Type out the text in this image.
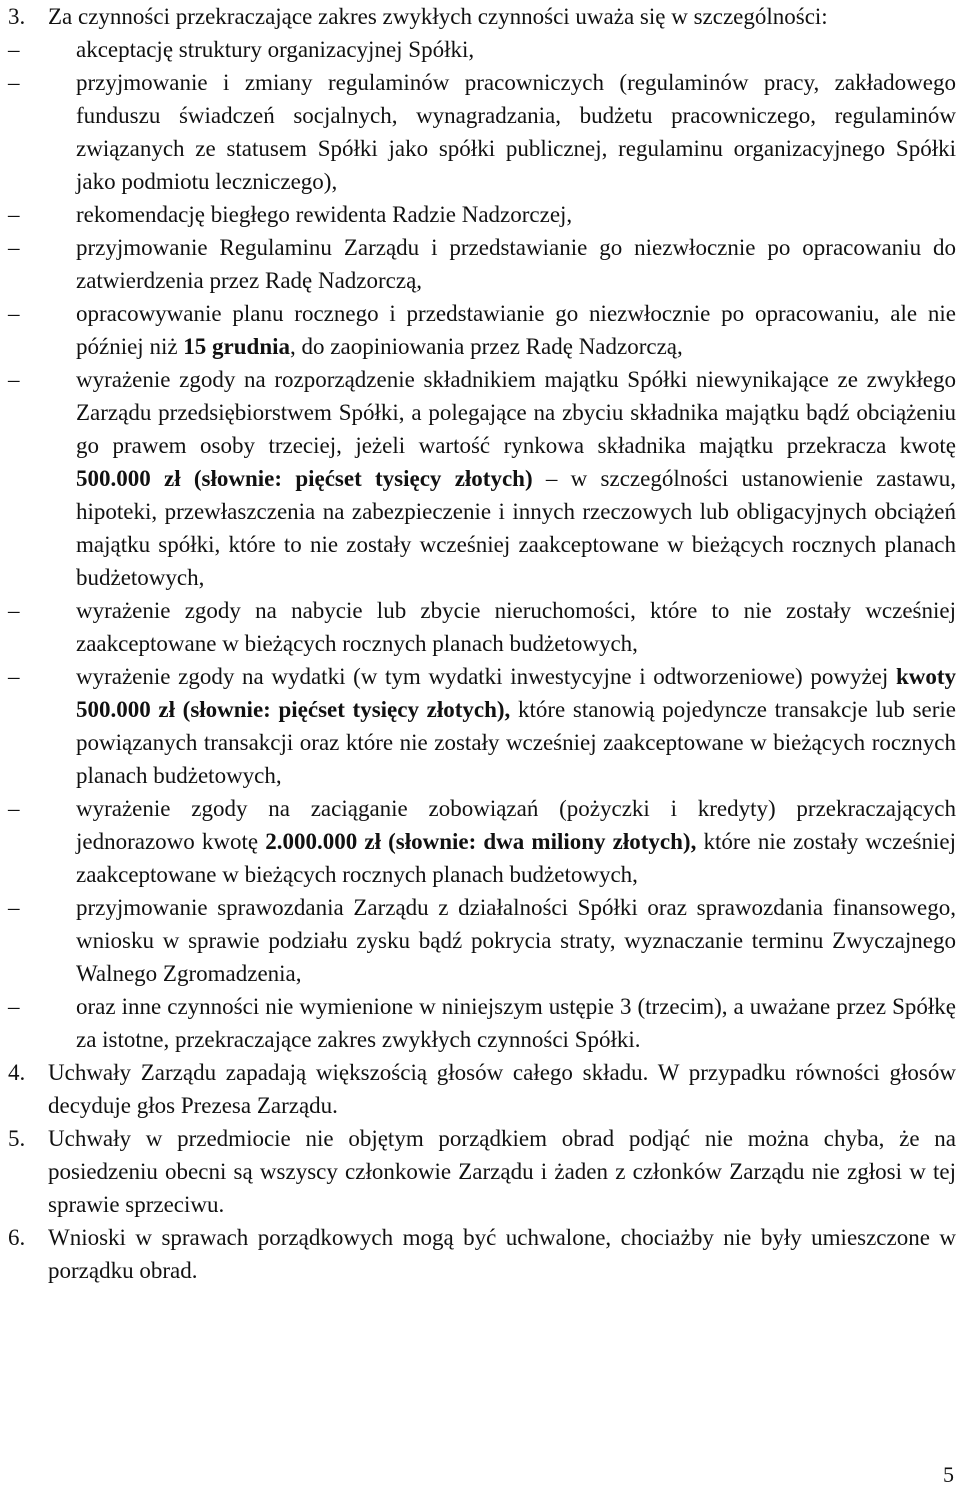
3. Za czynności przekraczające zakres zwykłych czynności uważa się w szczególności:
–	akceptację struktury organizacyjnej Spółki,
–	przyjmowanie i zmiany regulaminów pracowniczych (regulaminów pracy, zakładowego funduszu świadczeń socjalnych, wynagradzania, budżetu pracowniczego, regulaminów związanych ze statusem Spółki jako spółki publicznej, regulaminu organizacyjnego Spółki jako podmiotu leczniczego),
–	rekomendację biegłego rewidenta Radzie Nadzorczej,
–	przyjmowanie Regulaminu Zarządu i przedstawianie go niezwłocznie po opracowaniu do zatwierdzenia przez Radę Nadzorczą,
–	opracowywanie planu rocznego i przedstawianie go niezwłocznie po opracowaniu, ale nie później niż 15 grudnia, do zaopiniowania przez Radę Nadzorczą,
–	wyrażenie zgody na rozporządzenie składnikiem majątku Spółki niewynikające ze zwykłego Zarządu przedsiębiorstwem Spółki, a polegające na zbyciu składnika majątku bądź obciążeniu go prawem osoby trzeciej, jeżeli wartość rynkowa składnika majątku przekracza kwotę 500.000 zł (słownie: pięćset tysięcy złotych) – w szczególności ustanowienie zastawu, hipoteki, przewłaszczenia na zabezpieczenie i innych rzeczowych lub obligacyjnych obciążeń majątku spółki, które to nie zostały wcześniej zaakceptowane w bieżących rocznych planach budżetowych,
–	wyrażenie zgody na nabycie lub zbycie nieruchomości, które to nie zostały wcześniej zaakceptowane w bieżących rocznych planach budżetowych,
–	wyrażenie zgody na wydatki (w tym wydatki inwestycyjne i odtworzeniowe) powyżej kwoty 500.000 zł (słownie: pięćset tysięcy złotych), które stanowią pojedyncze transakcje lub serie powiązanych transakcji oraz które nie zostały wcześniej zaakceptowane w bieżących rocznych planach budżetowych,
–	wyrażenie zgody na zaciąganie zobowiązań (pożyczki i kredyty) przekraczających jednorazowo kwotę 2.000.000 zł (słownie: dwa miliony złotych), które nie zostały wcześniej zaakceptowane w bieżących rocznych planach budżetowych,
–	przyjmowanie sprawozdania Zarządu z działalności Spółki oraz sprawozdania finansowego, wniosku w sprawie podziału zysku bądź pokrycia straty, wyznaczanie terminu Zwyczajnego Walnego Zgromadzenia,
–	oraz inne czynności nie wymienione w niniejszym ustępie 3 (trzecim), a uważane przez Spółkę za istotne, przekraczające zakres zwykłych czynności Spółki.
4. Uchwały Zarządu zapadają większością głosów całego składu. W przypadku równości głosów decyduje głos Prezesa Zarządu.
5. Uchwały w przedmiocie nie objętym porządkiem obrad podjąć nie można chyba, że na posiedzeniu obecni są wszyscy członkowie Zarządu i żaden z członków Zarządu nie zgłosi w tej sprawie sprzeciwu.
6. Wnioski w sprawach porządkowych mogą być uchwalone, chociażby nie były umieszczone w porządku obrad.
5
